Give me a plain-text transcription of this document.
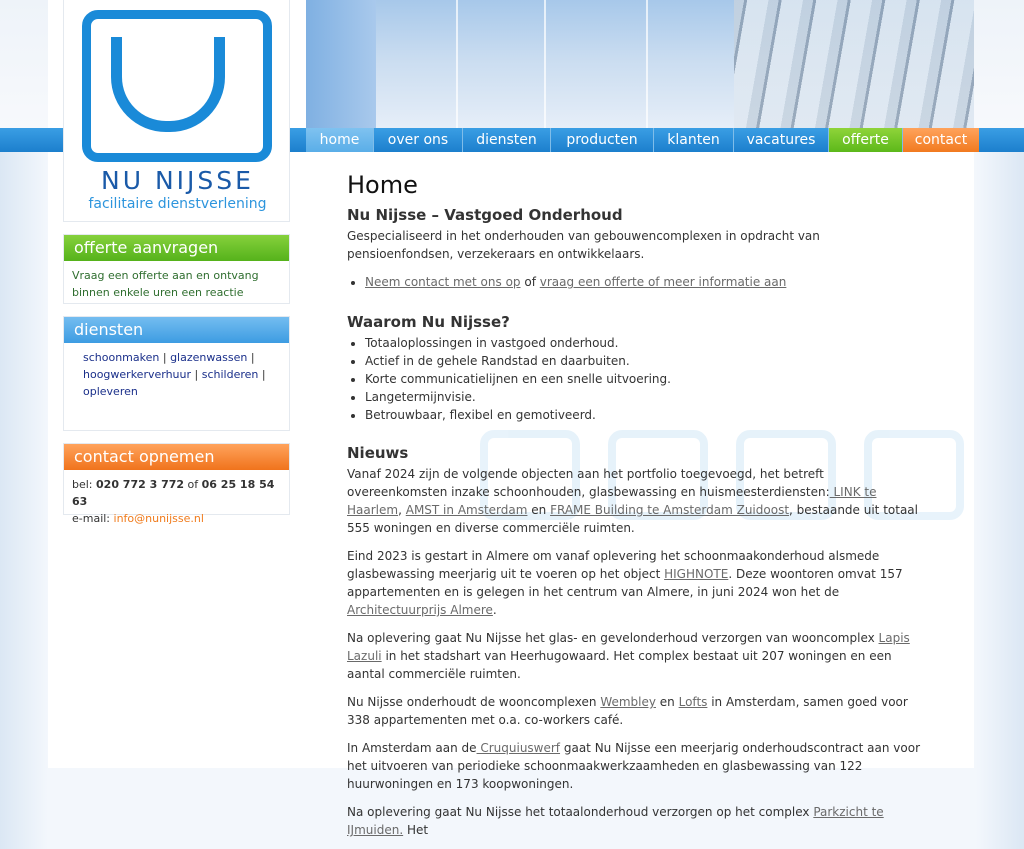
home	over ons	diensten	producten	klanten	vacatures	offerte	contact
NU NIJSSE
facilitaire dienstverlening
offerte aanvragen
Vraag een offerte aan en ontvang binnen enkele uren een reactie
diensten
schoonmaken | glazenwassen |
hoogwerkerverhuur | schilderen |
opleveren
contact opnemen
bel: 020 772 3 772 of 06 25 18 54 63
e-mail: info@nunijsse.nl
Home
Nu Nijsse – Vastgoed Onderhoud

Gespecialiseerd in het onderhouden van gebouwencomplexen in opdracht van pensioenfondsen, verzekeraars en ontwikkelaars.

• Neem contact met ons op of vraag een offerte of meer informatie aan
Waarom Nu Nijsse?
• Totaaloplossingen in vastgoed onderhoud.
• Actief in de gehele Randstad en daarbuiten.
• Korte communicatielijnen en een snelle uitvoering.
• Langetermijnvisie.
• Betrouwbaar, flexibel en gemotiveerd.
Nieuws

Vanaf 2024 zijn de volgende objecten aan het portfolio toegevoegd, het betreft overeenkomsten inzake schoonhouden, glasbewassing en huismeesterdiensten: LINK te Haarlem, AMST in Amsterdam en FRAME Building te Amsterdam Zuidoost, bestaande uit totaal 555 woningen en diverse commerciële ruimten.

Eind 2023 is gestart in Almere om vanaf oplevering het schoonmaakonderhoud alsmede glasbewassing meerjarig uit te voeren op het object HIGHNOTE. Deze woontoren omvat 157 appartementen en is gelegen in het centrum van Almere, in juni 2024 won het de Architectuurprijs Almere.

Na oplevering gaat Nu Nijsse het glas- en gevelonderhoud verzorgen van wooncomplex Lapis Lazuli in het stadshart van Heerhugowaard. Het complex bestaat uit 207 woningen en een aantal commerciële ruimten.

Nu Nijsse onderhoudt de wooncomplexen Wembley en Lofts in Amsterdam, samen goed voor 338 appartementen met o.a. co-workers café.

In Amsterdam aan de Cruquiuswerf gaat Nu Nijsse een meerjarig onderhoudscontract aan voor het uitvoeren van periodieke schoonmaakwerkzaamheden en glasbewassing van 122 huurwoningen en 173 koopwoningen.

Na oplevering gaat Nu Nijsse het totaalonderhoud verzorgen op het complex Parkzicht te IJmuiden. Het
